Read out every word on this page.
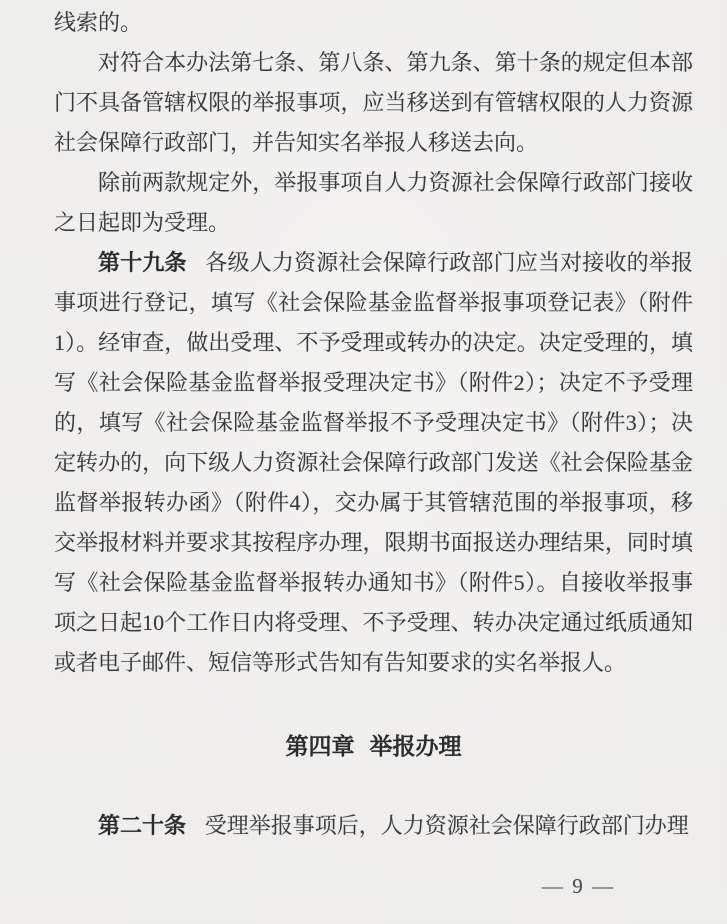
线索的。

对符合本办法第七条、第八条、第九条、第十条的规定但本部门不具备管辖权限的举报事项，应当移送到有管辖权限的人力资源社会保障行政部门，并告知实名举报人移送去向。

除前两款规定外，举报事项自人力资源社会保障行政部门接收之日起即为受理。

第十九条 各级人力资源社会保障行政部门应当对接收的举报事项进行登记，填写《社会保险基金监督举报事项登记表》（附件1）。经审查，做出受理、不予受理或转办的决定。决定受理的，填写《社会保险基金监督举报受理决定书》（附件2）；决定不予受理的，填写《社会保险基金监督举报不予受理决定书》（附件3）；决定转办的，向下级人力资源社会保障行政部门发送《社会保险基金监督举报转办函》（附件4），交办属于其管辖范围的举报事项，移交举报材料并要求其按程序办理，限期书面报送办理结果，同时填写《社会保险基金监督举报转办通知书》（附件5）。自接收举报事项之日起10个工作日内将受理、不予受理、转办决定通过纸质通知或者电子邮件、短信等形式告知有告知要求的实名举报人。

第四章 举报办理

第二十条 受理举报事项后，人力资源社会保障行政部门办理

— 9 —
